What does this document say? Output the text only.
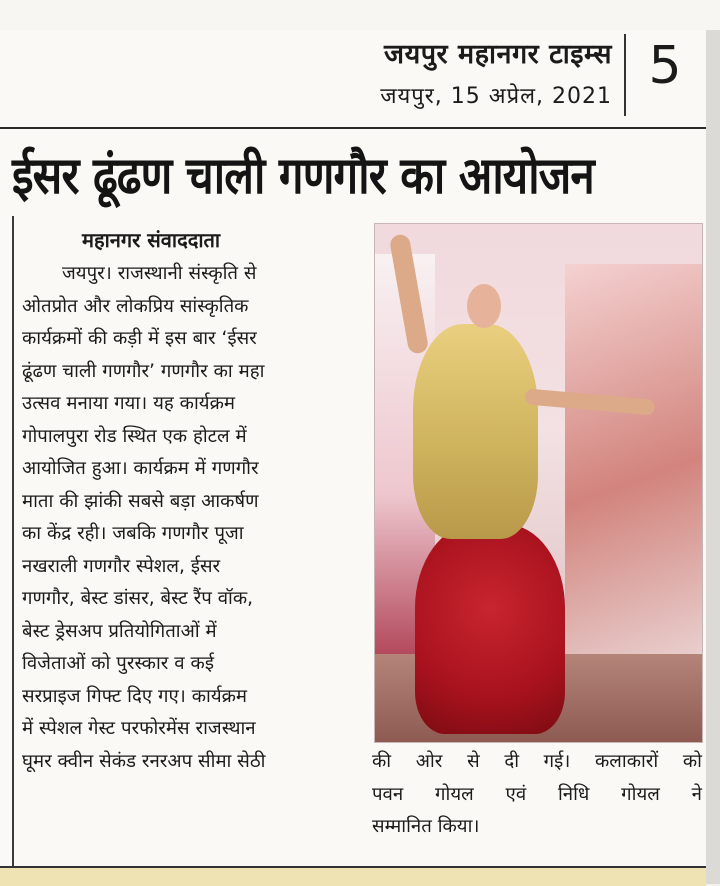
जयपुर महानगर टाइम्स
जयपुर, 15 अप्रेल, 2021
5
ईसर ढूंढण चाली गणगौर का आयोजन
महानगर संवाददाता
जयपुर। राजस्थानी संस्कृति से
ओतप्रोत और लोकप्रिय सांस्कृतिक
कार्यक्रमों की कड़ी में इस बार ‘ईसर
ढूंढण चाली गणगौर’ गणगौर का महा
उत्सव मनाया गया। यह कार्यक्रम
गोपालपुरा रोड स्थित एक होटल में
आयोजित हुआ। कार्यक्रम में गणगौर
माता की झांकी सबसे बड़ा आकर्षण
का केंद्र रही। जबकि गणगौर पूजा
नखराली गणगौर स्पेशल, ईसर
गणगौर, बेस्ट डांसर, बेस्ट रैंप वॉक,
बेस्ट ड्रेसअप प्रतियोगिताओं में
विजेताओं को पुरस्कार व कई
सरप्राइज गिफ्ट दिए गए। कार्यक्रम
में स्पेशल गेस्ट परफोरमेंस राजस्थान
घूमर क्वीन सेकंड रनरअप सीमा सेठी	की ओर से दी गई। कलाकारों को
पवन गोयल एवं निधि गोयल ने
सम्मानित किया।
